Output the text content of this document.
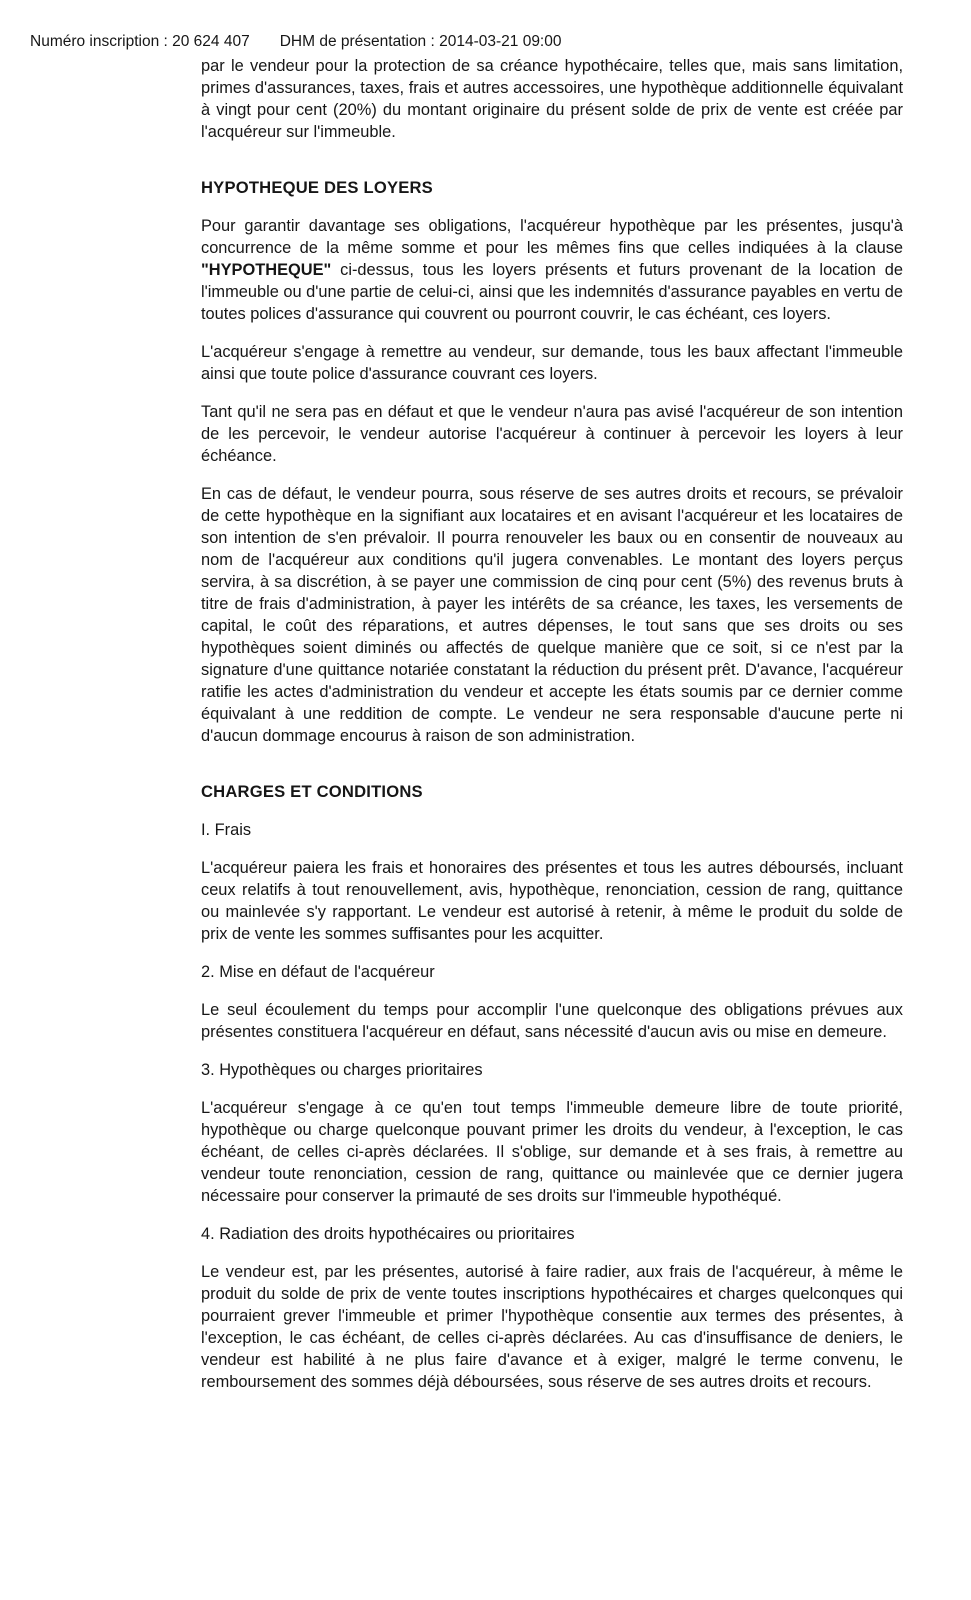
Numéro inscription : 20 624 407 DHM de présentation : 2014-03-21 09:00

par le vendeur pour la protection de sa créance hypothécaire, telles que, mais sans limitation, primes d'assurances, taxes, frais et autres accessoires, une hypothèque additionnelle équivalant à vingt pour cent (20%) du montant originaire du présent solde de prix de vente est créée par l'acquéreur sur l'immeuble.

HYPOTHEQUE DES LOYERS

Pour garantir davantage ses obligations, l'acquéreur hypothèque par les présentes, jusqu'à concurrence de la même somme et pour les mêmes fins que celles indiquées à la clause "HYPOTHEQUE" ci-dessus, tous les loyers présents et futurs provenant de la location de l'immeuble ou d'une partie de celui-ci, ainsi que les indemnités d'assurance payables en vertu de toutes polices d'assurance qui couvrent ou pourront couvrir, le cas échéant, ces loyers.

L'acquéreur s'engage à remettre au vendeur, sur demande, tous les baux affectant l'immeuble ainsi que toute police d'assurance couvrant ces loyers.

Tant qu'il ne sera pas en défaut et que le vendeur n'aura pas avisé l'acquéreur de son intention de les percevoir, le vendeur autorise l'acquéreur à continuer à percevoir les loyers à leur échéance.

En cas de défaut, le vendeur pourra, sous réserve de ses autres droits et recours, se prévaloir de cette hypothèque en la signifiant aux locataires et en avisant l'acquéreur et les locataires de son intention de s'en prévaloir. Il pourra renouveler les baux ou en consentir de nouveaux au nom de l'acquéreur aux conditions qu'il jugera convenables. Le montant des loyers perçus servira, à sa discrétion, à se payer une commission de cinq pour cent (5%) des revenus bruts à titre de frais d'administration, à payer les intérêts de sa créance, les taxes, les versements de capital, le coût des réparations, et autres dépenses, le tout sans que ses droits ou ses hypothèques soient diminés ou affectés de quelque manière que ce soit, si ce n'est par la signature d'une quittance notariée constatant la réduction du présent prêt. D'avance, l'acquéreur ratifie les actes d'administration du vendeur et accepte les états soumis par ce dernier comme équivalant à une reddition de compte. Le vendeur ne sera responsable d'aucune perte ni d'aucun dommage encourus à raison de son administration.

CHARGES ET CONDITIONS

I. Frais

L'acquéreur paiera les frais et honoraires des présentes et tous les autres déboursés, incluant ceux relatifs à tout renouvellement, avis, hypothèque, renonciation, cession de rang, quittance ou mainlevée s'y rapportant. Le vendeur est autorisé à retenir, à même le produit du solde de prix de vente les sommes suffisantes pour les acquitter.

2. Mise en défaut de l'acquéreur

Le seul écoulement du temps pour accomplir l'une quelconque des obligations prévues aux présentes constituera l'acquéreur en défaut, sans nécessité d'aucun avis ou mise en demeure.

3. Hypothèques ou charges prioritaires

L'acquéreur s'engage à ce qu'en tout temps l'immeuble demeure libre de toute priorité, hypothèque ou charge quelconque pouvant primer les droits du vendeur, à l'exception, le cas échéant, de celles ci-après déclarées. Il s'oblige, sur demande et à ses frais, à remettre au vendeur toute renonciation, cession de rang, quittance ou mainlevée que ce dernier jugera nécessaire pour conserver la primauté de ses droits sur l'immeuble hypothéqué.

4. Radiation des droits hypothécaires ou prioritaires

Le vendeur est, par les présentes, autorisé à faire radier, aux frais de l'acquéreur, à même le produit du solde de prix de vente toutes inscriptions hypothécaires et charges quelconques qui pourraient grever l'immeuble et primer l'hypothèque consentie aux termes des présentes, à l'exception, le cas échéant, de celles ci-après déclarées. Au cas d'insuffisance de deniers, le vendeur est habilité à ne plus faire d'avance et à exiger, malgré le terme convenu, le remboursement des sommes déjà déboursées, sous réserve de ses autres droits et recours.
